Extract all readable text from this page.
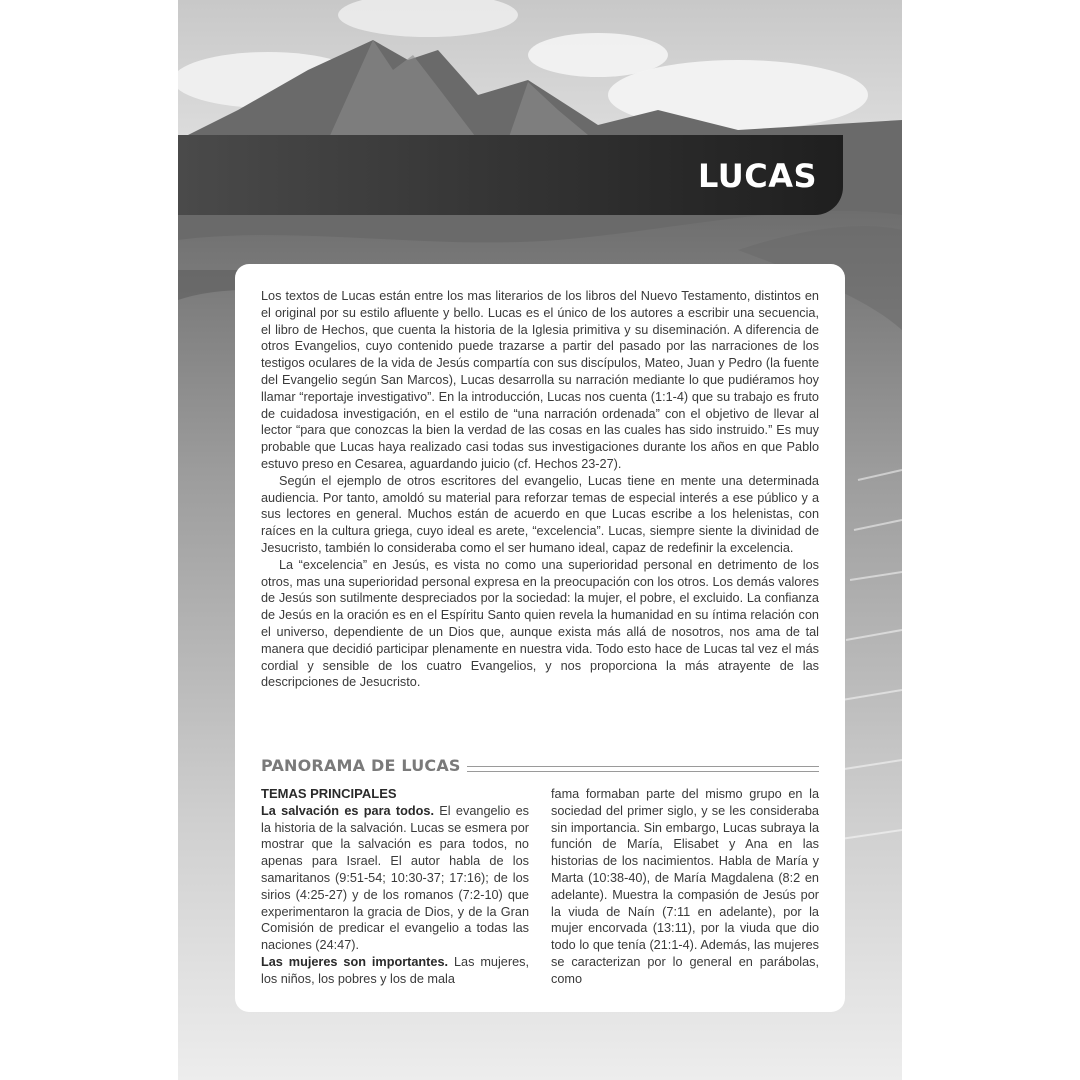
LUCAS

Los textos de Lucas están entre los mas literarios de los libros del Nuevo Testamento, distintos en el original por su estilo afluente y bello. Lucas es el único de los autores a escribir una secuencia, el libro de Hechos, que cuenta la historia de la Iglesia primitiva y su diseminación. A diferencia de otros Evangelios, cuyo contenido puede trazarse a partir del pasado por las narraciones de los testigos oculares de la vida de Jesús compartía con sus discípulos, Mateo, Juan y Pedro (la fuente del Evangelio según San Marcos), Lucas desarrolla su narración mediante lo que pudiéramos hoy llamar “reportaje investigativo”. En la introducción, Lucas nos cuenta (1:1-4) que su trabajo es fruto de cuidadosa investigación, en el estilo de “una narración ordenada” con el objetivo de llevar al lector “para que conozcas la bien la verdad de las cosas en las cuales has sido instruido.” Es muy probable que Lucas haya realizado casi todas sus investigaciones durante los años en que Pablo estuvo preso en Cesarea, aguardando juicio (cf. Hechos 23-27).

Según el ejemplo de otros escritores del evangelio, Lucas tiene en mente una determinada audiencia. Por tanto, amoldó su material para reforzar temas de especial interés a ese público y a sus lectores en general. Muchos están de acuerdo en que Lucas escribe a los helenistas, con raíces en la cultura griega, cuyo ideal es arete, “excelencia”. Lucas, siempre siente la divinidad de Jesucristo, también lo consideraba como el ser humano ideal, capaz de redefinir la excelencia.

La “excelencia” en Jesús, es vista no como una superioridad personal en detrimento de los otros, mas una superioridad personal expresa en la preocupación con los otros. Los demás valores de Jesús son sutilmente despreciados por la sociedad: la mujer, el pobre, el excluido. La confianza de Jesús en la oración es en el Espíritu Santo quien revela la humanidad en su íntima relación con el universo, dependiente de un Dios que, aunque exista más allá de nosotros, nos ama de tal manera que decidió participar plenamente en nuestra vida. Todo esto hace de Lucas tal vez el más cordial y sensible de los cuatro Evangelios, y nos proporciona la más atrayente de las descripciones de Jesucristo.

PANORAMA DE LUCAS

TEMAS PRINCIPALES

La salvación es para todos. El evangelio es la historia de la salvación. Lucas se esmera por mostrar que la salvación es para todos, no apenas para Israel. El autor habla de los samaritanos (9:51-54; 10:30-37; 17:16); de los sirios (4:25-27) y de los romanos (7:2-10) que experimentaron la gracia de Dios, y de la Gran Comisión de predicar el evangelio a todas las naciones (24:47).

Las mujeres son importantes. Las mujeres, los niños, los pobres y los de mala

fama formaban parte del mismo grupo en la sociedad del primer siglo, y se les consideraba sin importancia. Sin embargo, Lucas subraya la función de María, Elisabet y Ana en las historias de los nacimientos. Habla de María y Marta (10:38-40), de María Magdalena (8:2 en adelante). Muestra la compasión de Jesús por la viuda de Naín (7:11 en adelante), por la mujer encorvada (13:11), por la viuda que dio todo lo que tenía (21:1-4). Además, las mujeres se caracterizan por lo general en parábolas, como
